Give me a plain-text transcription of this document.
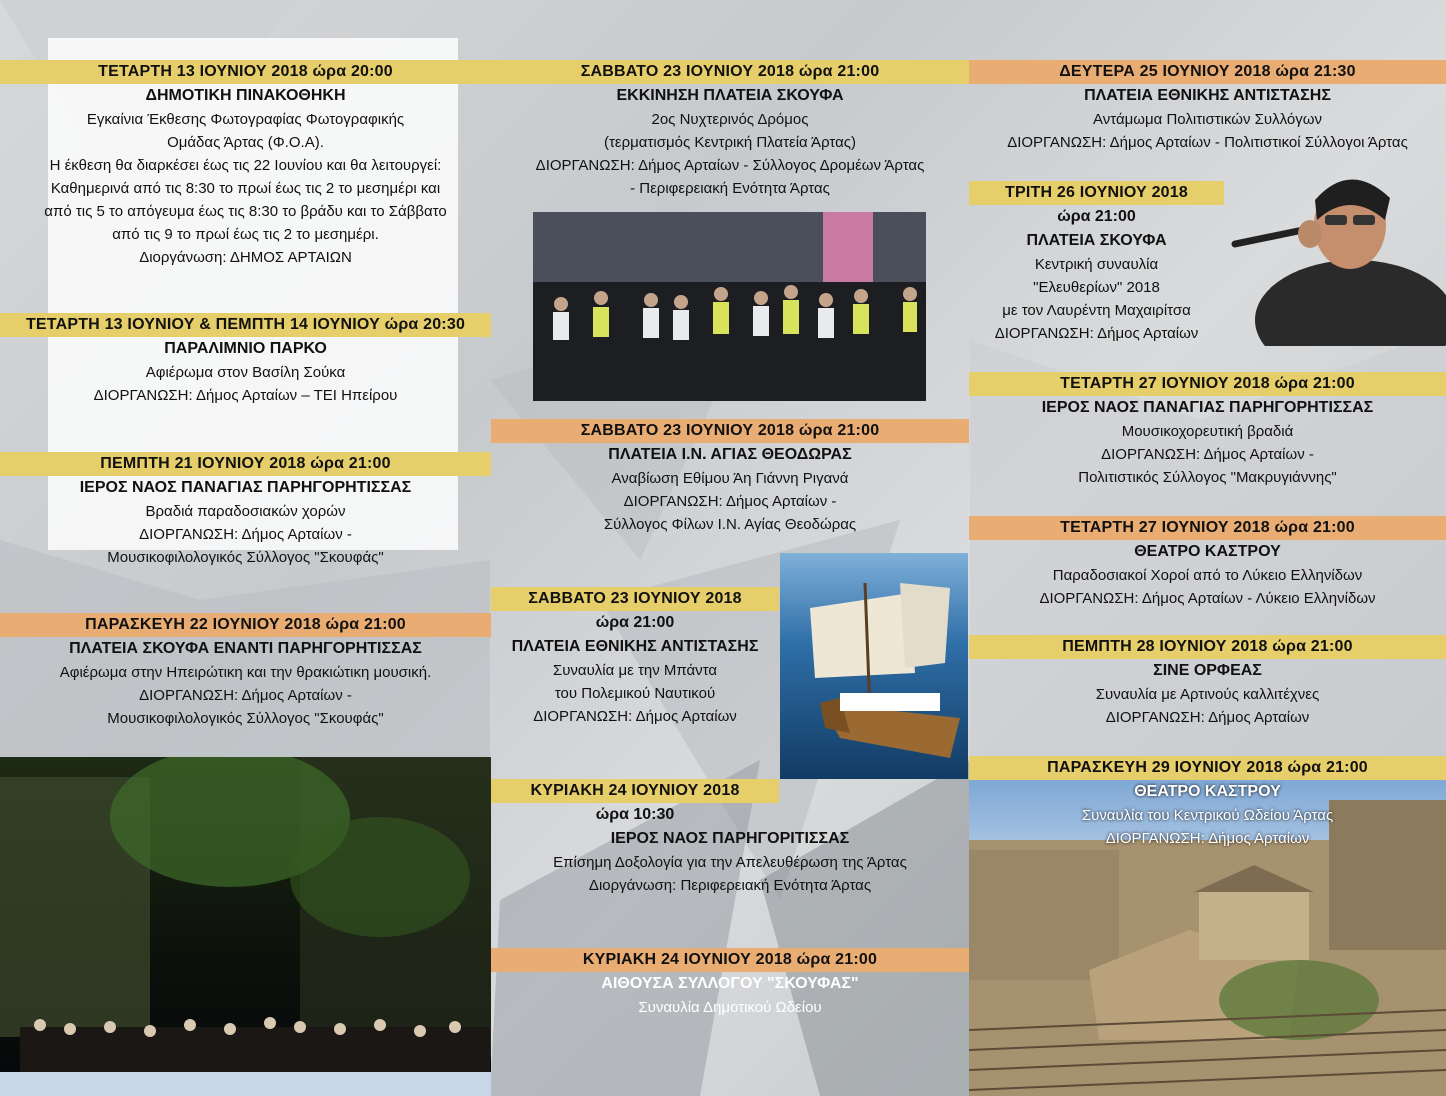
ΤΕΤΑΡΤΗ 13 ΙΟΥΝΙΟΥ 2018 ώρα 20:00
ΔΗΜΟΤΙΚΗ ΠΙΝΑΚΟΘΗΚΗ
Εγκαίνια Έκθεσης Φωτογραφίας Φωτογραφικής
Ομάδας Άρτας (Φ.Ο.Α).
Η έκθεση θα διαρκέσει έως τις 22 Ιουνίου και θα λειτουργεί:
Καθημερινά από τις 8:30 το πρωί έως τις 2 το μεσημέρι και
από τις 5 το απόγευμα έως τις 8:30 το βράδυ και το Σάββατο
από τις 9 το πρωί έως τις 2 το μεσημέρι.
Διοργάνωση: ΔΗΜΟΣ ΑΡΤΑΙΩΝ
ΤΕΤΑΡΤΗ 13 ΙΟΥΝΙΟΥ & ΠΕΜΠΤΗ 14 ΙΟΥΝΙΟΥ ώρα 20:30
ΠΑΡΑΛΙΜΝΙΟ ΠΑΡΚΟ
Αφιέρωμα στον Βασίλη Σούκα
ΔΙΟΡΓΑΝΩΣΗ: Δήμος Αρταίων – ΤΕΙ Ηπείρου
ΠΕΜΠΤΗ 21 ΙΟΥΝΙΟΥ 2018 ώρα 21:00
ΙΕΡΟΣ ΝΑΟΣ ΠΑΝΑΓΙΑΣ ΠΑΡΗΓΟΡΗΤΙΣΣΑΣ
Βραδιά παραδοσιακών χορών
ΔΙΟΡΓΑΝΩΣΗ: Δήμος Αρταίων -
Μουσικοφιλολογικός Σύλλογος "Σκουφάς"
ΠΑΡΑΣΚΕΥΗ 22 ΙΟΥΝΙΟΥ 2018 ώρα 21:00
ΠΛΑΤΕΙΑ ΣΚΟΥΦΑ ΕΝΑΝΤΙ ΠΑΡΗΓΟΡΗΤΙΣΣΑΣ
Αφιέρωμα στην Ηπειρώτικη και την θρακιώτικη μουσική.
ΔΙΟΡΓΑΝΩΣΗ: Δήμος Αρταίων -
Μουσικοφιλολογικός Σύλλογος "Σκουφάς"
ΣΑΒΒΑΤΟ 23 ΙΟΥΝΙΟΥ 2018 ώρα 21:00
ΕΚΚΙΝΗΣΗ ΠΛΑΤΕΙΑ ΣΚΟΥΦΑ
2ος Νυχτερινός Δρόμος
(τερματισμός Κεντρική Πλατεία Άρτας)
ΔΙΟΡΓΑΝΩΣΗ: Δήμος Αρταίων - Σύλλογος Δρομέων Άρτας
- Περιφερειακή Ενότητα Άρτας
ΣΑΒΒΑΤΟ 23 ΙΟΥΝΙΟΥ 2018 ώρα 21:00
ΠΛΑΤΕΙΑ Ι.Ν. ΑΓΙΑΣ ΘΕΟΔΩΡΑΣ
Αναβίωση Εθίμου Άη Γιάννη Ριγανά
ΔΙΟΡΓΑΝΩΣΗ: Δήμος Αρταίων -
Σύλλογος Φίλων Ι.Ν. Αγίας Θεοδώρας
ΣΑΒΒΑΤΟ 23 ΙΟΥΝΙΟΥ 2018
ώρα 21:00
ΠΛΑΤΕΙΑ ΕΘΝΙΚΗΣ ΑΝΤΙΣΤΑΣΗΣ
Συναυλία με την Μπάντα
του Πολεμικού Ναυτικού
ΔΙΟΡΓΑΝΩΣΗ: Δήμος Αρταίων
ΚΥΡΙΑΚΗ 24 ΙΟΥΝΙΟΥ 2018
ώρα 10:30
ΙΕΡΟΣ ΝΑΟΣ ΠΑΡΗΓΟΡΙΤΙΣΣΑΣ
Επίσημη Δοξολογία για την Απελευθέρωση της Άρτας
Διοργάνωση: Περιφερειακή Ενότητα Άρτας
ΚΥΡΙΑΚΗ 24 ΙΟΥΝΙΟΥ 2018 ώρα 21:00
ΑΙΘΟΥΣΑ ΣΥΛΛΟΓΟΥ "ΣΚΟΥΦΑΣ"
Συναυλία Δημοτικού Ωδείου
ΔΕΥΤΕΡΑ 25 ΙΟΥΝΙΟΥ 2018 ώρα 21:30
ΠΛΑΤΕΙΑ ΕΘΝΙΚΗΣ ΑΝΤΙΣΤΑΣΗΣ
Αντάμωμα Πολιτιστικών Συλλόγων
ΔΙΟΡΓΑΝΩΣΗ: Δήμος Αρταίων - Πολιτιστικοί Σύλλογοι Άρτας
ΤΡΙΤΗ 26 ΙΟΥΝΙΟΥ 2018
ώρα 21:00
ΠΛΑΤΕΙΑ ΣΚΟΥΦΑ
Κεντρική συναυλία
"Ελευθερίων" 2018
με τον Λαυρέντη Μαχαιρίτσα
ΔΙΟΡΓΑΝΩΣΗ: Δήμος Αρταίων
ΤΕΤΑΡΤΗ 27 ΙΟΥΝΙΟΥ 2018 ώρα 21:00
ΙΕΡΟΣ ΝΑΟΣ ΠΑΝΑΓΙΑΣ ΠΑΡΗΓΟΡΗΤΙΣΣΑΣ
Μουσικοχορευτική βραδιά
ΔΙΟΡΓΑΝΩΣΗ: Δήμος Αρταίων -
Πολιτιστικός Σύλλογος "Μακρυγιάννης"
ΤΕΤΑΡΤΗ 27 ΙΟΥΝΙΟΥ 2018 ώρα 21:00
ΘΕΑΤΡΟ ΚΑΣΤΡΟΥ
Παραδοσιακοί Χοροί από το Λύκειο Ελληνίδων
ΔΙΟΡΓΑΝΩΣΗ: Δήμος Αρταίων - Λύκειο Ελληνίδων
ΠΕΜΠΤΗ 28 ΙΟΥΝΙΟΥ 2018 ώρα 21:00
ΣΙΝΕ ΟΡΦΕΑΣ
Συναυλία με Αρτινούς καλλιτέχνες
ΔΙΟΡΓΑΝΩΣΗ: Δήμος Αρταίων
ΠΑΡΑΣΚΕΥΗ 29 ΙΟΥΝΙΟΥ 2018 ώρα 21:00
ΘΕΑΤΡΟ ΚΑΣΤΡΟΥ
Συναυλία του Κεντρικού Ωδείου Άρτας
ΔΙΟΡΓΑΝΩΣΗ: Δήμος Αρταίων
